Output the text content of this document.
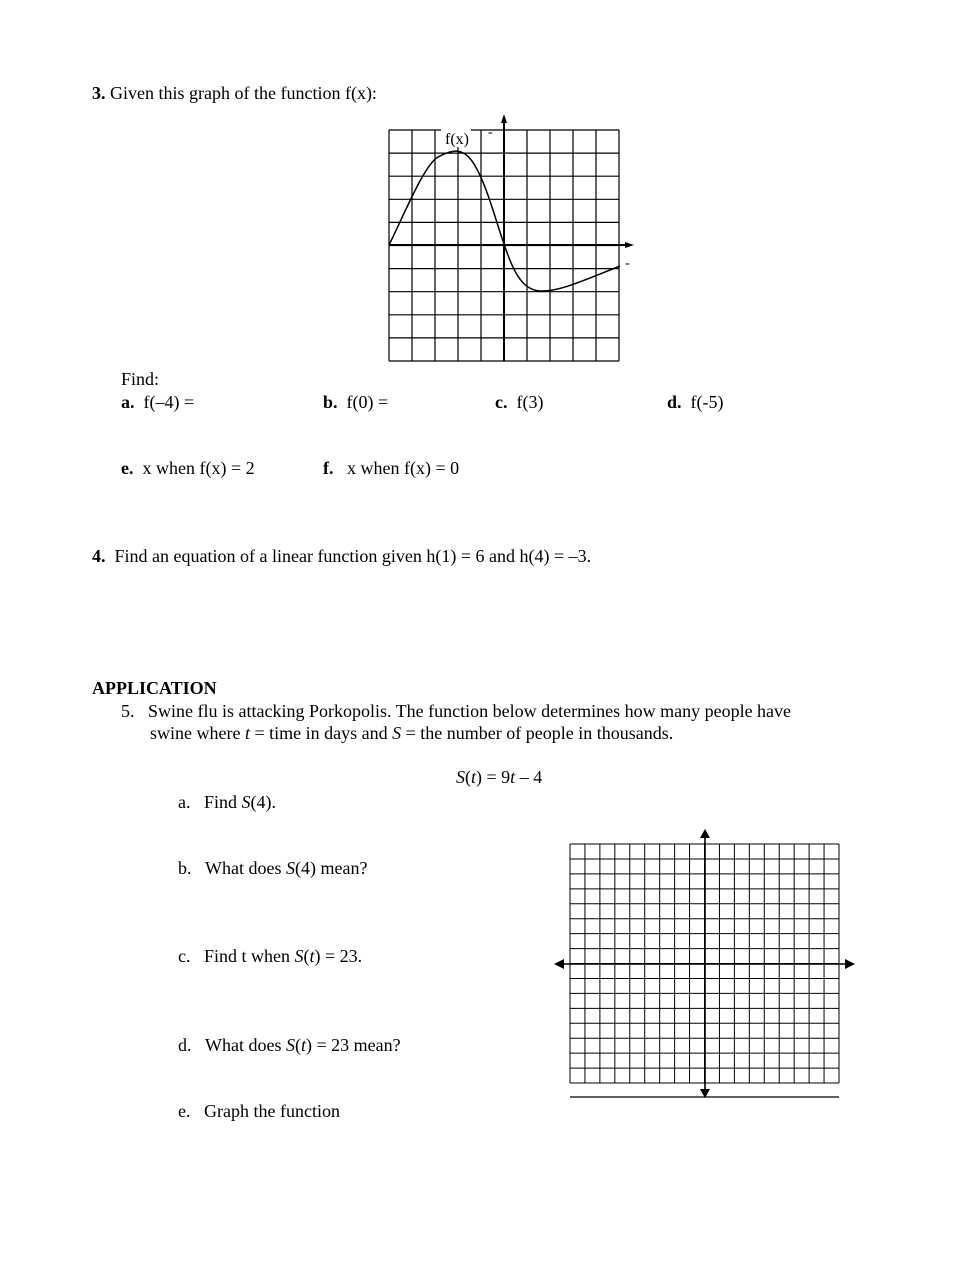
3. Given this graph of the function f(x):
f(x) -
-
Find:
a. f(–4) =	b. f(0) =	c. f(3)	d. f(-5)
e. x when f(x) = 2	f. x when f(x) = 0
4. Find an equation of a linear function given h(1) = 6 and h(4) = –3.
APPLICATION
5. Swine flu is attacking Porkopolis. The function below determines how many people have
swine where t = time in days and S = the number of people in thousands.
S(t) = 9t – 4
a. Find S(4).
b. What does S(4) mean?
c. Find t when S(t) = 23.
d. What does S(t) = 23 mean?
e. Graph the function
